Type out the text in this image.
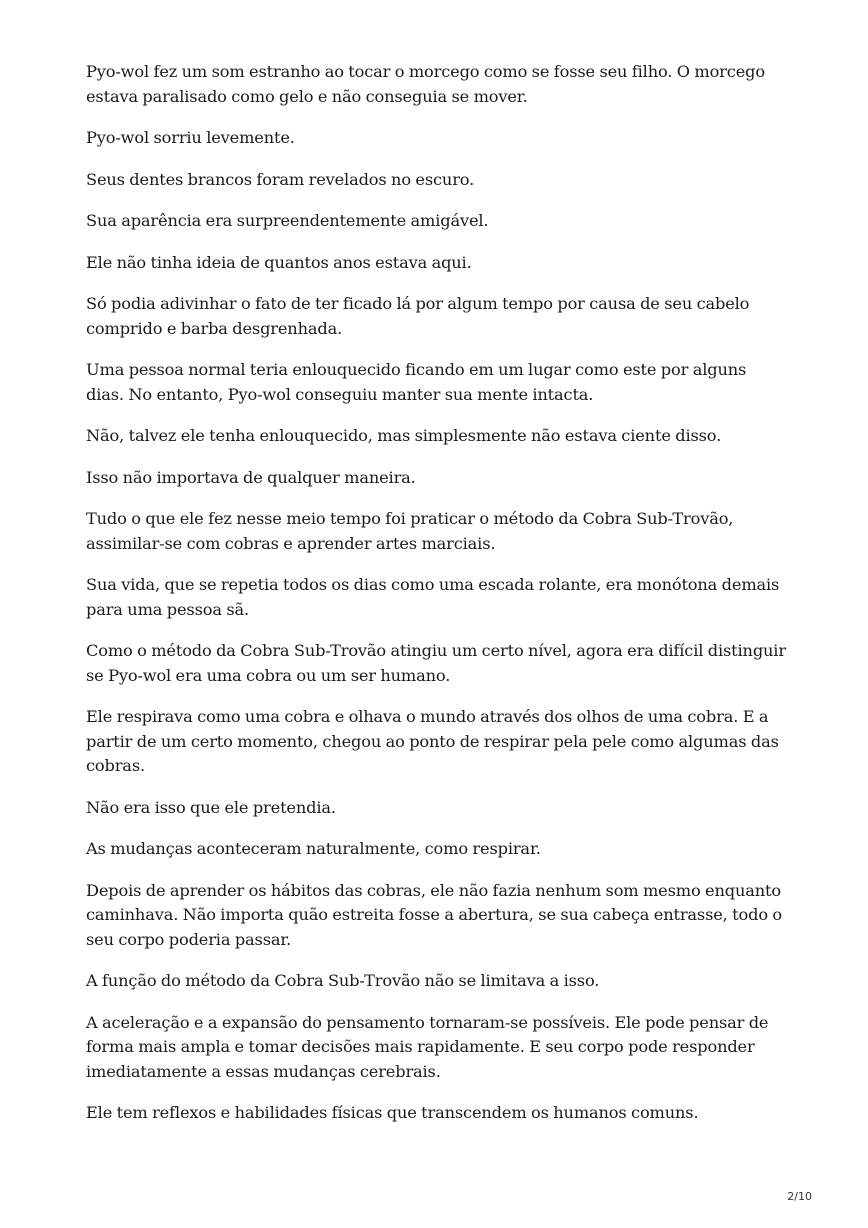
Pyo-wol fez um som estranho ao tocar o morcego como se fosse seu filho. O morcego estava paralisado como gelo e não conseguia se mover.

Pyo-wol sorriu levemente.

Seus dentes brancos foram revelados no escuro.

Sua aparência era surpreendentemente amigável.

Ele não tinha ideia de quantos anos estava aqui.

Só podia adivinhar o fato de ter ficado lá por algum tempo por causa de seu cabelo comprido e barba desgrenhada.

Uma pessoa normal teria enlouquecido ficando em um lugar como este por alguns dias. No entanto, Pyo-wol conseguiu manter sua mente intacta.

Não, talvez ele tenha enlouquecido, mas simplesmente não estava ciente disso.

Isso não importava de qualquer maneira.

Tudo o que ele fez nesse meio tempo foi praticar o método da Cobra Sub-Trovão, assimilar-se com cobras e aprender artes marciais.

Sua vida, que se repetia todos os dias como uma escada rolante, era monótona demais para uma pessoa sã.

Como o método da Cobra Sub-Trovão atingiu um certo nível, agora era difícil distinguir se Pyo-wol era uma cobra ou um ser humano.

Ele respirava como uma cobra e olhava o mundo através dos olhos de uma cobra. E a partir de um certo momento, chegou ao ponto de respirar pela pele como algumas das cobras.

Não era isso que ele pretendia.

As mudanças aconteceram naturalmente, como respirar.

Depois de aprender os hábitos das cobras, ele não fazia nenhum som mesmo enquanto caminhava. Não importa quão estreita fosse a abertura, se sua cabeça entrasse, todo o seu corpo poderia passar.

A função do método da Cobra Sub-Trovão não se limitava a isso.

A aceleração e a expansão do pensamento tornaram-se possíveis. Ele pode pensar de forma mais ampla e tomar decisões mais rapidamente. E seu corpo pode responder imediatamente a essas mudanças cerebrais.

Ele tem reflexos e habilidades físicas que transcendem os humanos comuns.

2/10
